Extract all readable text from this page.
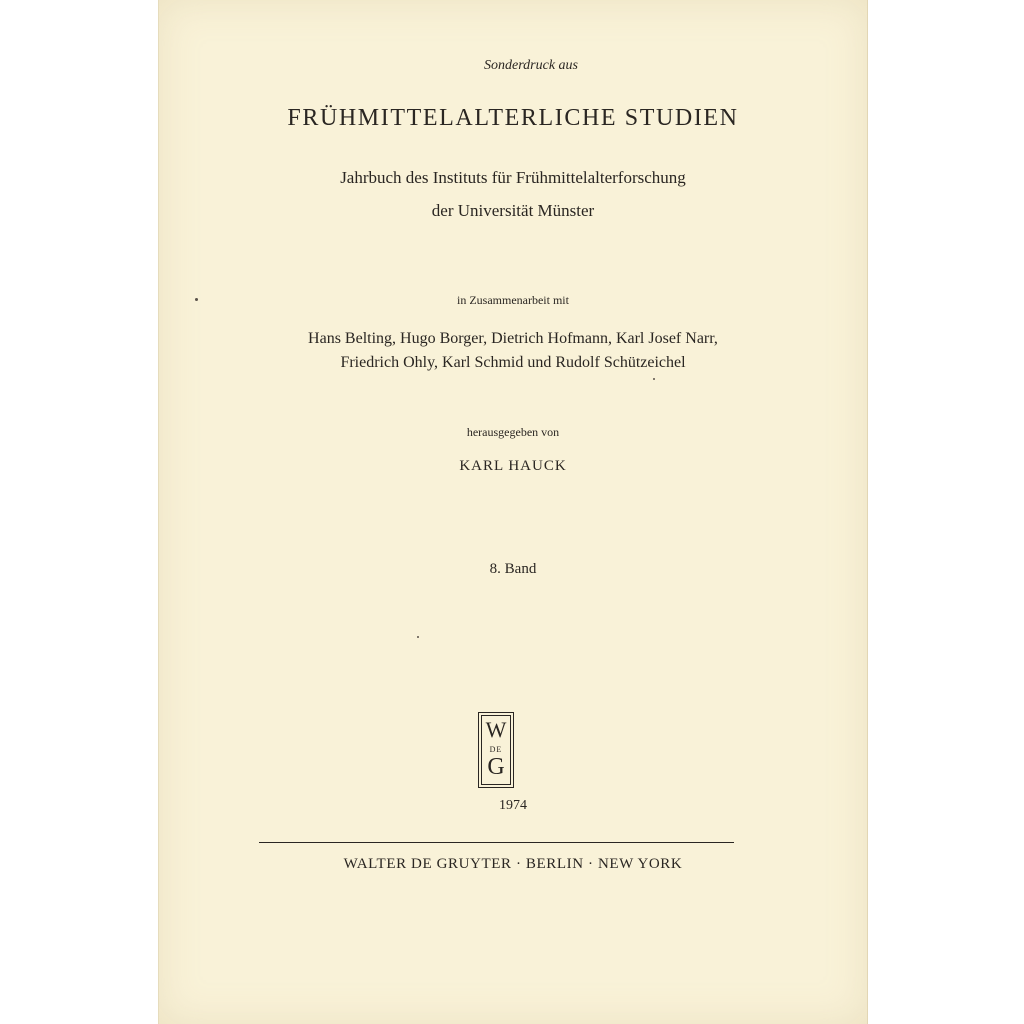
Sonderdruck aus
FRÜHMITTELALTERLICHE STUDIEN
Jahrbuch des Instituts für Frühmittelalterforschung
der Universität Münster
in Zusammenarbeit mit
Hans Belting, Hugo Borger, Dietrich Hofmann, Karl Josef Narr,
Friedrich Ohly, Karl Schmid und Rudolf Schützeichel
herausgegeben von
KARL HAUCK
8. Band
W
DE
G
1974
WALTER DE GRUYTER · BERLIN · NEW YORK
